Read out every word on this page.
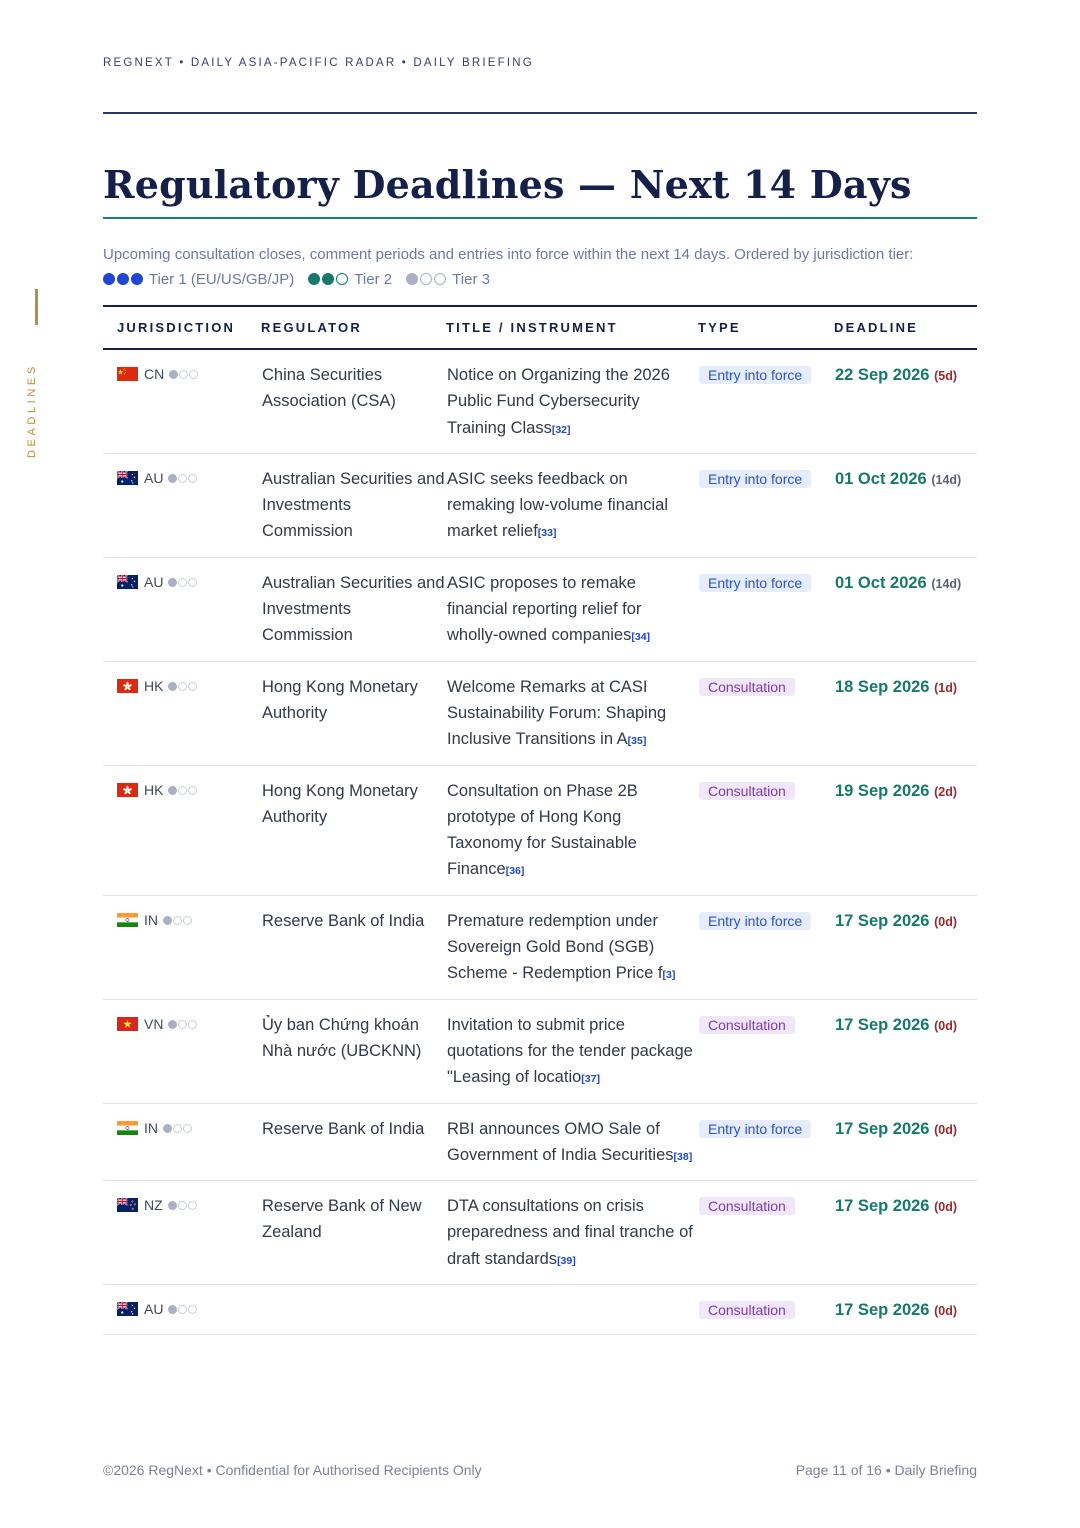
REGNEXT • DAILY ASIA-PACIFIC RADAR • DAILY BRIEFING
DEADLINES
Regulatory Deadlines — Next 14 Days
Upcoming consultation closes, comment periods and entries into force within the next 14 days. Ordered by jurisdiction tier:
Tier 1 (EU/US/GB/JP)	Tier 2	Tier 3
JURISDICTION	REGULATOR	TITLE / INSTRUMENT	TYPE	DEADLINE

CN	China Securities Association (CSA)	Notice on Organizing the 2026 Public Fund Cybersecurity Training Class[32]	Entry into force	22 Sep 2026 (5d)

AU	Australian Securities and Investments Commission	ASIC seeks feedback on remaking low-volume financial market relief[33]	Entry into force	01 Oct 2026 (14d)

AU	Australian Securities and Investments Commission	ASIC proposes to remake financial reporting relief for wholly-owned companies[34]	Entry into force	01 Oct 2026 (14d)

HK	Hong Kong Monetary Authority	Welcome Remarks at CASI Sustainability Forum: Shaping Inclusive Transitions in A[35]	Consultation	18 Sep 2026 (1d)

HK	Hong Kong Monetary Authority	Consultation on Phase 2B prototype of Hong Kong Taxonomy for Sustainable Finance[36]	Consultation	19 Sep 2026 (2d)

IN	Reserve Bank of India	Premature redemption under Sovereign Gold Bond (SGB) Scheme - Redemption Price f[3]	Entry into force	17 Sep 2026 (0d)

VN	Ủy ban Chứng khoán Nhà nước (UBCKNN)	Invitation to submit price quotations for the tender package "Leasing of locatio[37]	Consultation	17 Sep 2026 (0d)

IN	Reserve Bank of India	RBI announces OMO Sale of Government of India Securities[38]	Entry into force	17 Sep 2026 (0d)

NZ	Reserve Bank of New Zealand	DTA consultations on crisis preparedness and final tranche of draft standards[39]	Consultation	17 Sep 2026 (0d)

AU			Consultation	17 Sep 2026 (0d)
©2026 RegNext • Confidential for Authorised Recipients Only	Page 11 of 16 • Daily Briefing
